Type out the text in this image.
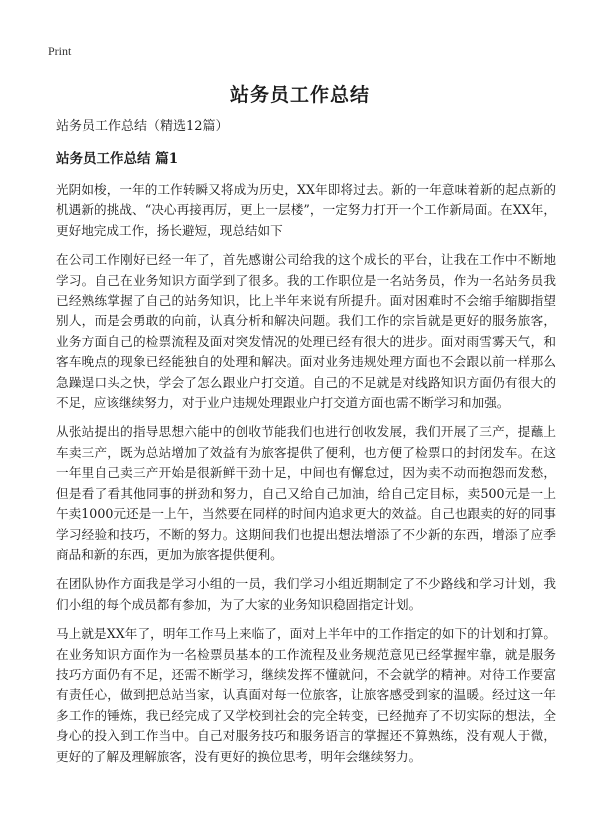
Print
站务员工作总结

站务员工作总结（精选12篇）

站务员工作总结 篇1

光阴如梭，一年的工作转瞬又将成为历史，XX年即将过去。新的一年意味着新的起点新的机遇新的挑战、“决心再接再厉，更上一层楼”，一定努力打开一个工作新局面。在XX年，更好地完成工作，扬长避短，现总结如下

在公司工作刚好已经一年了，首先感谢公司给我的这个成长的平台，让我在工作中不断地学习。自己在业务知识方面学到了很多。我的工作职位是一名站务员，作为一名站务员我已经熟练掌握了自己的站务知识，比上半年来说有所提升。面对困难时不会缩手缩脚指望别人，而是会勇敢的向前，认真分析和解决问题。我们工作的宗旨就是更好的服务旅客，业务方面自己的检票流程及面对突发情况的处理已经有很大的进步。面对雨雪雾天气，和客车晚点的现象已经能独自的处理和解决。面对业务违规处理方面也不会跟以前一样那么急躁逞口头之快，学会了怎么跟业户打交道。自己的不足就是对线路知识方面仍有很大的不足，应该继续努力，对于业户违规处理跟业户打交道方面也需不断学习和加强。

从张站提出的指导思想六能中的创收节能我们也进行创收发展，我们开展了三产，提蘸上车卖三产，既为总站增加了效益有为旅客提供了便利，也方便了检票口的封闭发车。在这一年里自己卖三产开始是很新鲜干劲十足，中间也有懈怠过，因为卖不动而抱怨而发愁，但是看了看其他同事的拼劲和努力，自己又给自己加油，给自己定目标，卖500元是一上午卖1000元还是一上午，当然要在同样的时间内追求更大的效益。自己也跟卖的好的同事学习经验和技巧，不断的努力。这期间我们也提出想法增添了不少新的东西，增添了应季商品和新的东西，更加为旅客提供便利。

在团队协作方面我是学习小组的一员，我们学习小组近期制定了不少路线和学习计划，我们小组的每个成员都有参加，为了大家的业务知识稳固指定计划。

马上就是XX年了，明年工作马上来临了，面对上半年中的工作指定的如下的计划和打算。在业务知识方面作为一名检票员基本的工作流程及业务规范意见已经掌握牢靠，就是服务技巧方面仍有不足，还需不断学习，继续发挥不懂就问，不会就学的精神。对待工作要富有责任心，做到把总站当家，认真面对每一位旅客，让旅客感受到家的温暖。经过这一年多工作的锤炼，我已经完成了又学校到社会的完全转变，已经抛弃了不切实际的想法，全身心的投入到工作当中。自己对服务技巧和服务语言的掌握还不算熟练，没有观人于微，更好的了解及理解旅客，没有更好的换位思考，明年会继续努力。
